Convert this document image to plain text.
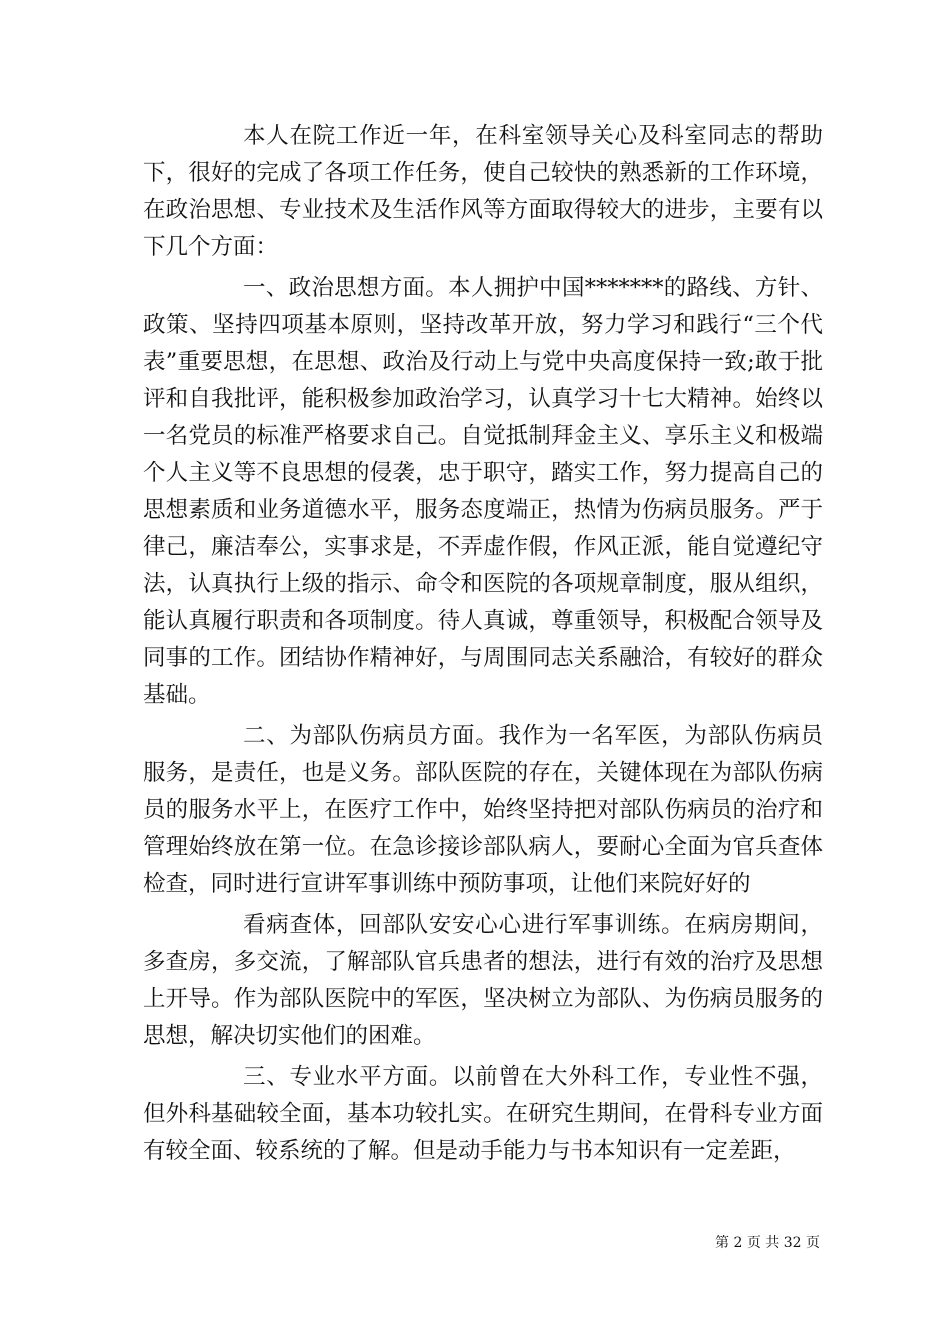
本人在院工作近一年，在科室领导关心及科室同志的帮助下，很好的完成了各项工作任务，使自己较快的熟悉新的工作环境，在政治思想、专业技术及生活作风等方面取得较大的进步，主要有以下几个方面：

一、政治思想方面。本人拥护中国*******的路线、方针、政策、坚持四项基本原则，坚持改革开放，努力学习和践行“三个代表”重要思想，在思想、政治及行动上与党中央高度保持一致;敢于批评和自我批评，能积极参加政治学习，认真学习十七大精神。始终以一名党员的标准严格要求自己。自觉抵制拜金主义、享乐主义和极端个人主义等不良思想的侵袭，忠于职守，踏实工作，努力提高自己的思想素质和业务道德水平，服务态度端正，热情为伤病员服务。严于律己，廉洁奉公，实事求是，不弄虚作假，作风正派，能自觉遵纪守法，认真执行上级的指示、命令和医院的各项规章制度，服从组织，能认真履行职责和各项制度。待人真诚，尊重领导，积极配合领导及同事的工作。团结协作精神好，与周围同志关系融洽，有较好的群众基础。

二、为部队伤病员方面。我作为一名军医，为部队伤病员服务，是责任，也是义务。部队医院的存在，关键体现在为部队伤病员的服务水平上，在医疗工作中，始终坚持把对部队伤病员的治疗和管理始终放在第一位。在急诊接诊部队病人，要耐心全面为官兵查体检查，同时进行宣讲军事训练中预防事项，让他们来院好好的

看病查体，回部队安安心心进行军事训练。在病房期间，多查房，多交流，了解部队官兵患者的想法，进行有效的治疗及思想上开导。作为部队医院中的军医，坚决树立为部队、为伤病员服务的思想，解决切实他们的困难。

三、专业水平方面。以前曾在大外科工作，专业性不强，但外科基础较全面，基本功较扎实。在研究生期间，在骨科专业方面有较全面、较系统的了解。但是动手能力与书本知识有一定差距，

第 2 页 共 32 页
